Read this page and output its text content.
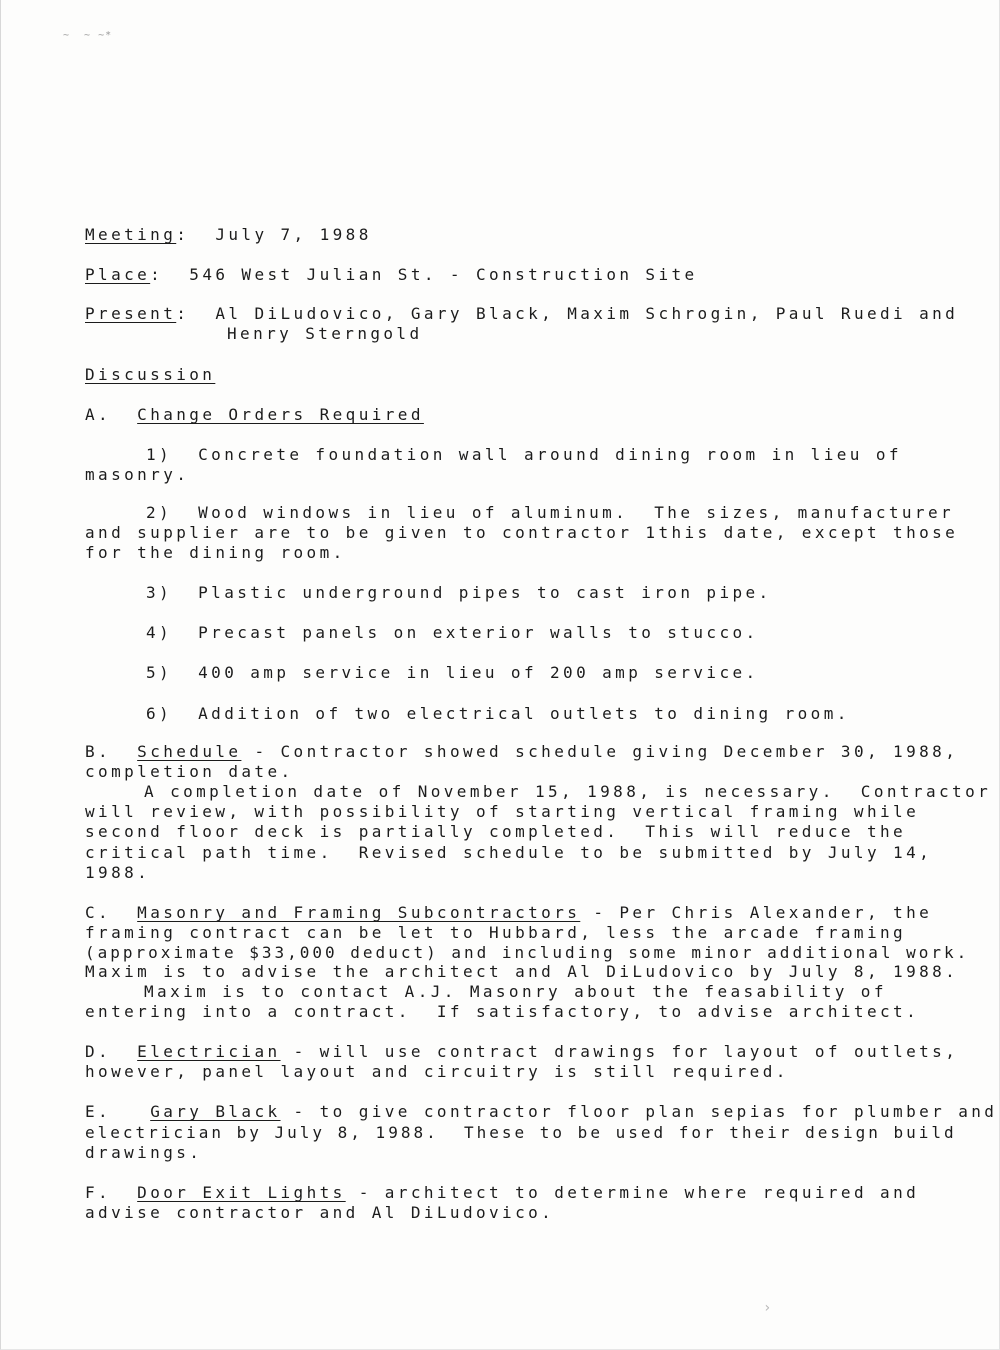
~  ~ ~*
›
Meeting:  July 7, 1988
Place:  546 West Julian St. - Construction Site
Present:  Al DiLudovico, Gary Black, Maxim Schrogin, Paul Ruedi and
Henry Sterngold
Discussion
A. Change Orders Required
1)  Concrete foundation wall around dining room in lieu of
masonry.
2)  Wood windows in lieu of aluminum.  The sizes, manufacturer
and supplier are to be given to contractor 1this date, except those
for the dining room.
3)  Plastic underground pipes to cast iron pipe.
4)  Precast panels on exterior walls to stucco.
5)  400 amp service in lieu of 200 amp service.
6)  Addition of two electrical outlets to dining room.
B. Schedule - Contractor showed schedule giving December 30, 1988,
completion date.
A completion date of November 15, 1988, is necessary.  Contractor
will review, with possibility of starting vertical framing while
second floor deck is partially completed.  This will reduce the
critical path time.  Revised schedule to be submitted by July 14,
1988.
C. Masonry and Framing Subcontractors - Per Chris Alexander, the
framing contract can be let to Hubbard, less the arcade framing
(approximate $33,000 deduct) and including some minor additional work.
Maxim is to advise the architect and Al DiLudovico by July 8, 1988.
Maxim is to contact A.J. Masonry about the feasability of
entering into a contract.  If satisfactory, to advise architect.
D. Electrician - will use contract drawings for layout of outlets,
however, panel layout and circuitry is still required.
E. Gary Black - to give contractor floor plan sepias for plumber and
electrician by July 8, 1988.  These to be used for their design build
drawings.
F. Door Exit Lights - architect to determine where required and
advise contractor and Al DiLudovico.
